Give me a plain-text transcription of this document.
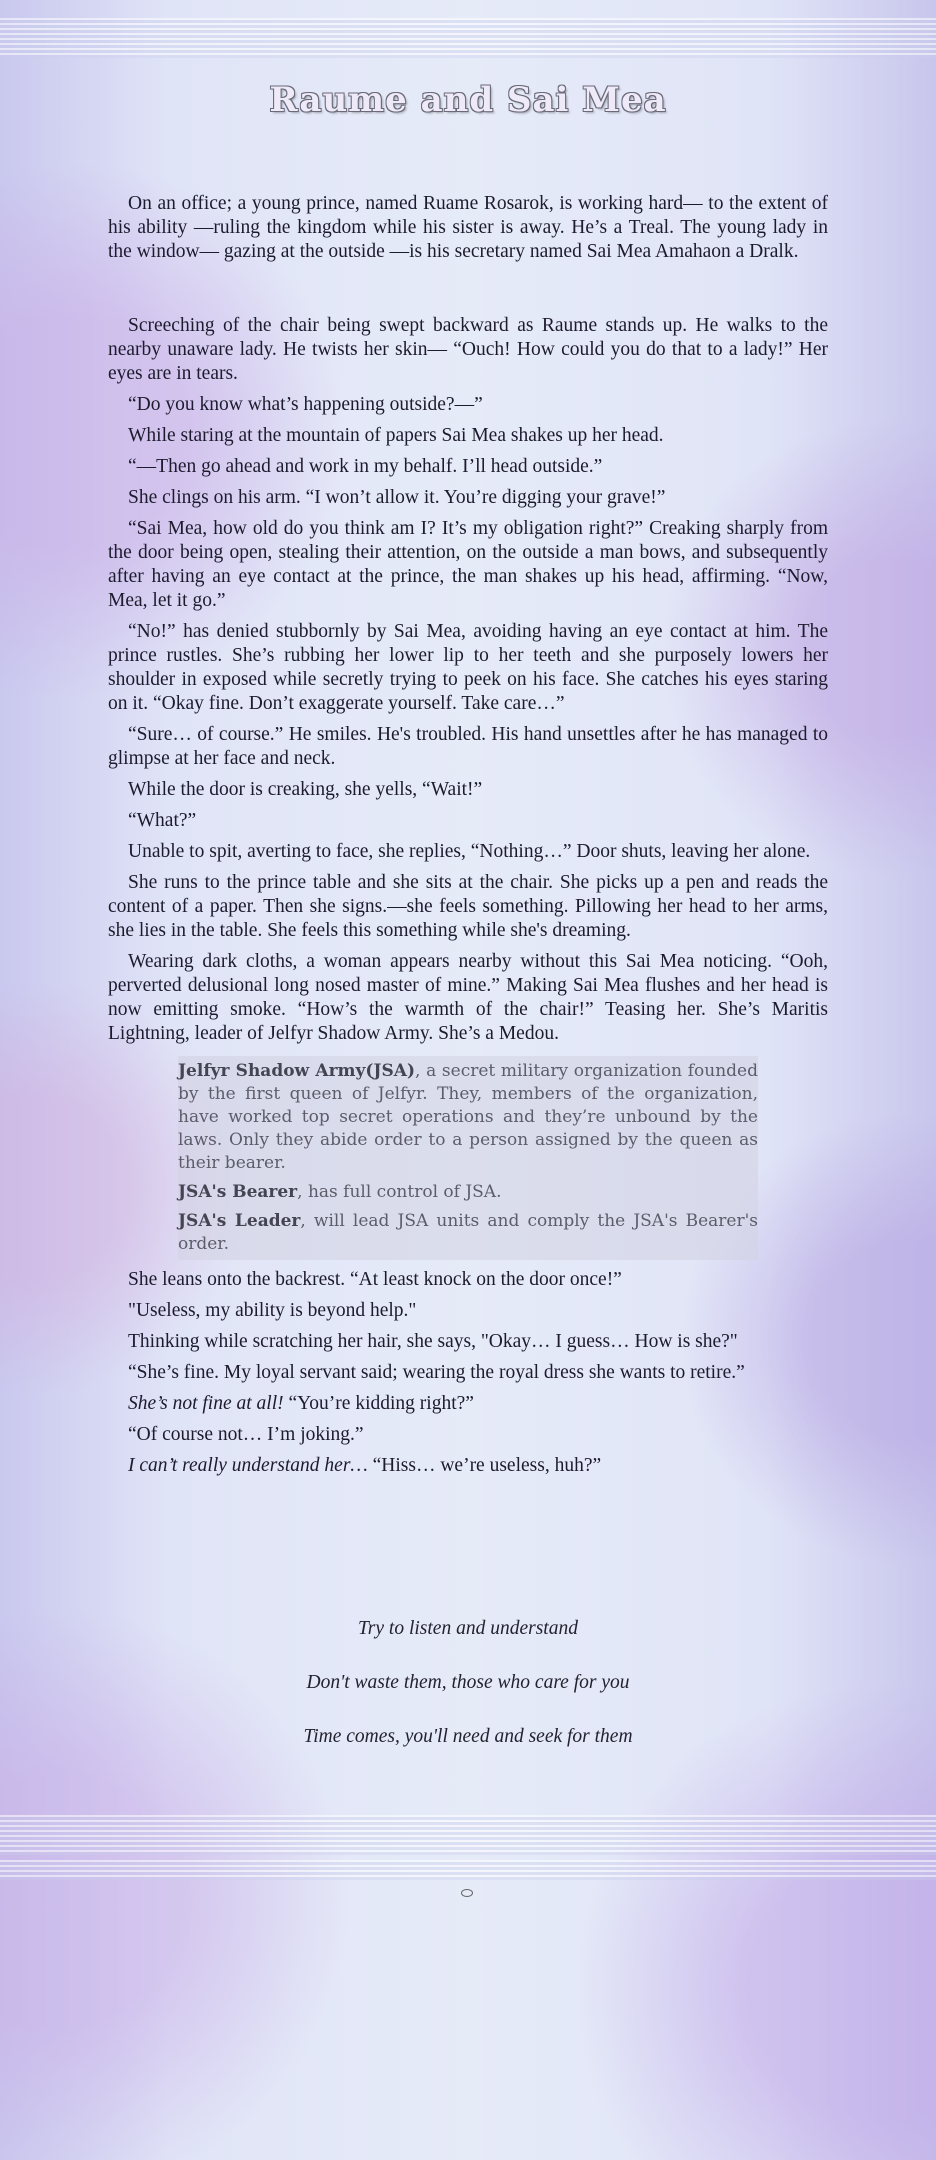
Raume and Sai Mea

On an office; a young prince, named Ruame Rosarok, is working hard— to the extent of his ability —ruling the kingdom while his sister is away. He’s a Treal. The young lady in the window— gazing at the outside —is his secretary named Sai Mea Amahaon a Dralk.

Screeching of the chair being swept backward as Raume stands up. He walks to the nearby unaware lady. He twists her skin— “Ouch! How could you do that to a lady!” Her eyes are in tears.

“Do you know what’s happening outside?—”

While staring at the mountain of papers Sai Mea shakes up her head.

“—Then go ahead and work in my behalf. I’ll head outside.”

She clings on his arm. “I won’t allow it. You’re digging your grave!”

“Sai Mea, how old do you think am I? It’s my obligation right?” Creaking sharply from the door being open, stealing their attention, on the outside a man bows, and subsequently after having an eye contact at the prince, the man shakes up his head, affirming. “Now, Mea, let it go.”

“No!” has denied stubbornly by Sai Mea, avoiding having an eye contact at him. The prince rustles. She’s rubbing her lower lip to her teeth and she purposely lowers her shoulder in exposed while secretly trying to peek on his face. She catches his eyes staring on it. “Okay fine. Don’t exaggerate yourself. Take care…”

“Sure… of course.” He smiles. He's troubled. His hand unsettles after he has managed to glimpse at her face and neck.

While the door is creaking, she yells, “Wait!”

“What?”

Unable to spit, averting to face, she replies, “Nothing…” Door shuts, leaving her alone.

She runs to the prince table and she sits at the chair. She picks up a pen and reads the content of a paper. Then she signs.—she feels something. Pillowing her head to her arms, she lies in the table. She feels this something while she's dreaming.

Wearing dark cloths, a woman appears nearby without this Sai Mea noticing. “Ooh, perverted delusional long nosed master of mine.” Making Sai Mea flushes and her head is now emitting smoke. “How’s the warmth of the chair!” Teasing her. She’s Maritis Lightning, leader of Jelfyr Shadow Army. She’s a Medou.

Jelfyr Shadow Army(JSA), a secret military organization founded by the first queen of Jelfyr. They, members of the organization, have worked top secret operations and they’re unbound by the laws. Only they abide order to a person assigned by the queen as their bearer.

JSA's Bearer, has full control of JSA.

JSA's Leader, will lead JSA units and comply the JSA's Bearer's order.

She leans onto the backrest. “At least knock on the door once!”

"Useless, my ability is beyond help."

Thinking while scratching her hair, she says, "Okay… I guess… How is she?"

“She’s fine. My loyal servant said; wearing the royal dress she wants to retire.”

She’s not fine at all! “You’re kidding right?”

“Of course not… I’m joking.”

I can’t really understand her… “Hiss… we’re useless, huh?”

Try to listen and understand
Don't waste them, those who care for you
Time comes, you'll need and seek for them
